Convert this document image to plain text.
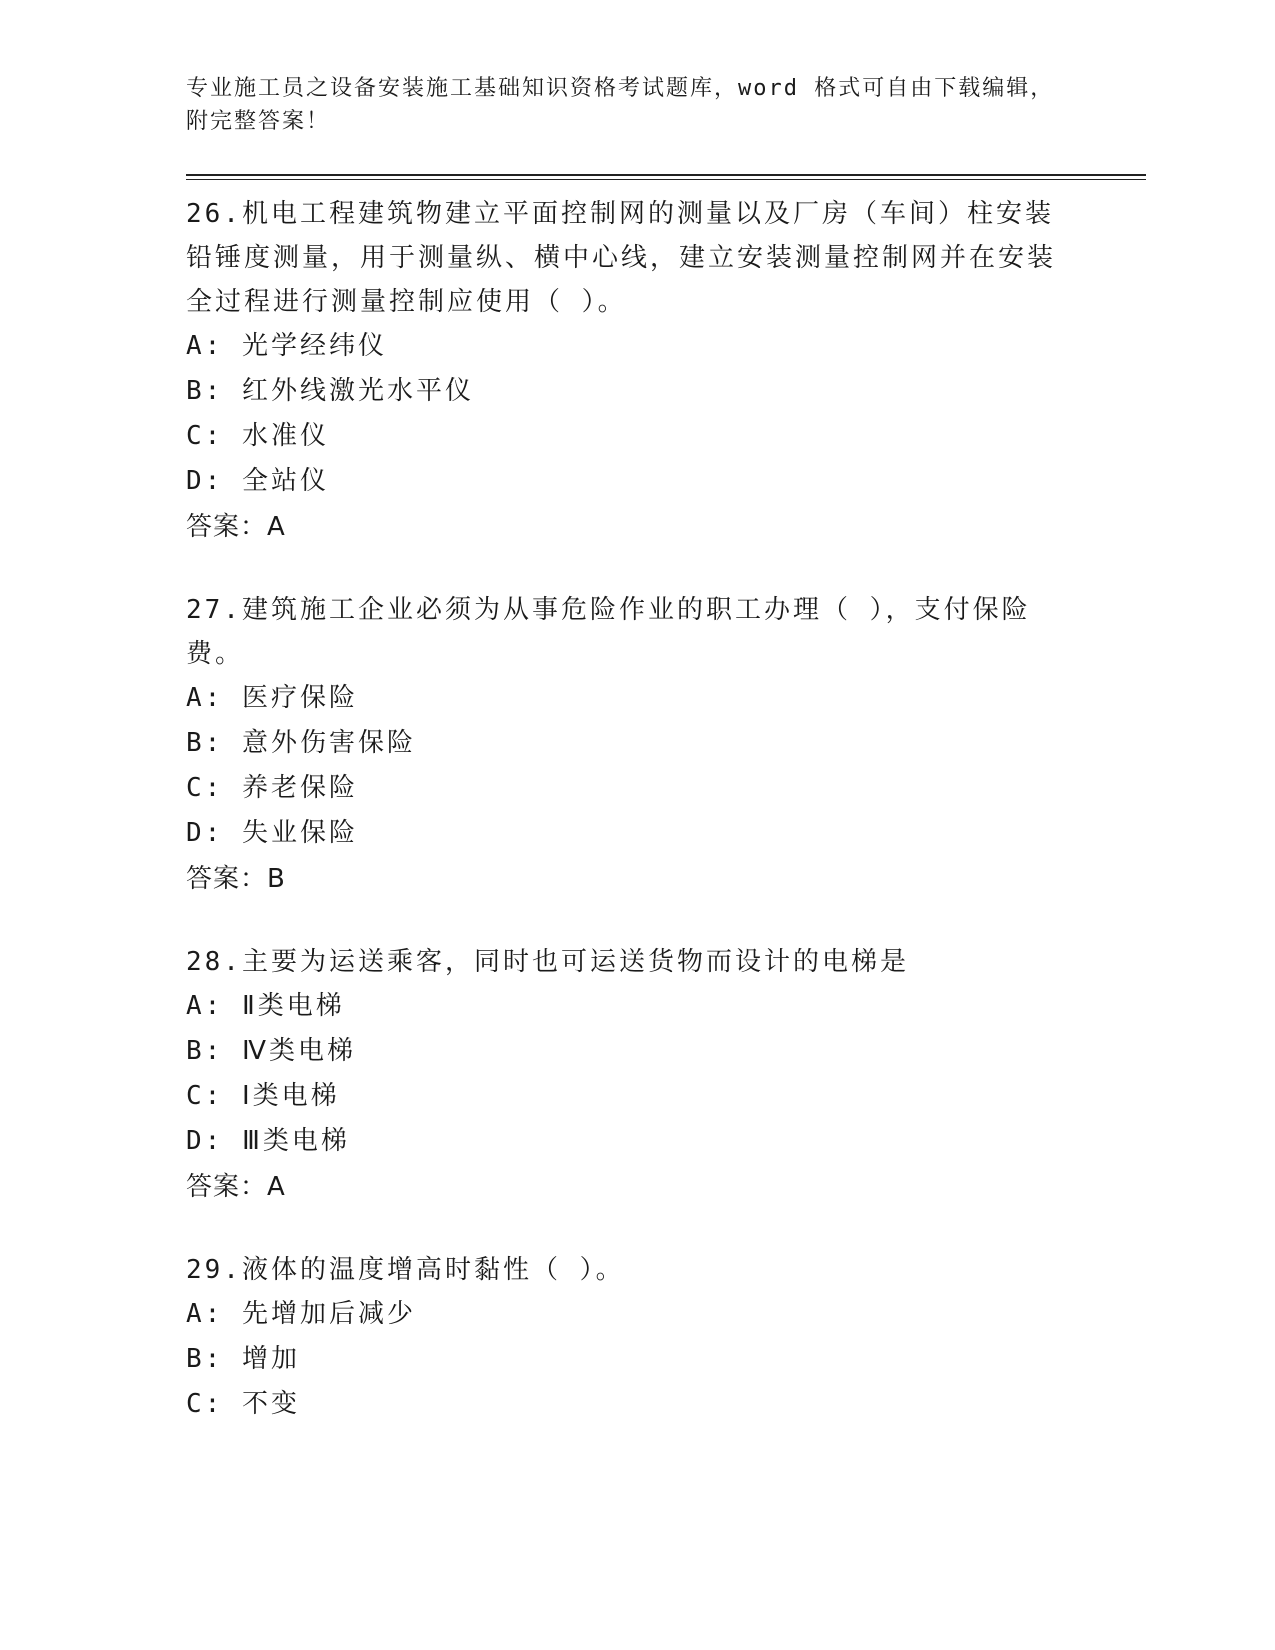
专业施工员之设备安装施工基础知识资格考试题库，word 格式可自由下载编辑，附完整答案！

26.机电工程建筑物建立平面控制网的测量以及厂房（车间）柱安装铅锤度测量，用于测量纵、横中心线，建立安装测量控制网并在安装全过程进行测量控制应使用（ ）。

A: 光学经纬仪

B: 红外线激光水平仪

C: 水准仪

D: 全站仪

答案：A

27.建筑施工企业必须为从事危险作业的职工办理（ ），支付保险费。

A: 医疗保险

B: 意外伤害保险

C: 养老保险

D: 失业保险

答案：B

28.主要为运送乘客，同时也可运送货物而设计的电梯是

A: Ⅱ类电梯

B: Ⅳ类电梯

C: Ⅰ类电梯

D: Ⅲ类电梯

答案：A

29.液体的温度增高时黏性（ ）。

A: 先增加后减少

B: 增加

C: 不变
